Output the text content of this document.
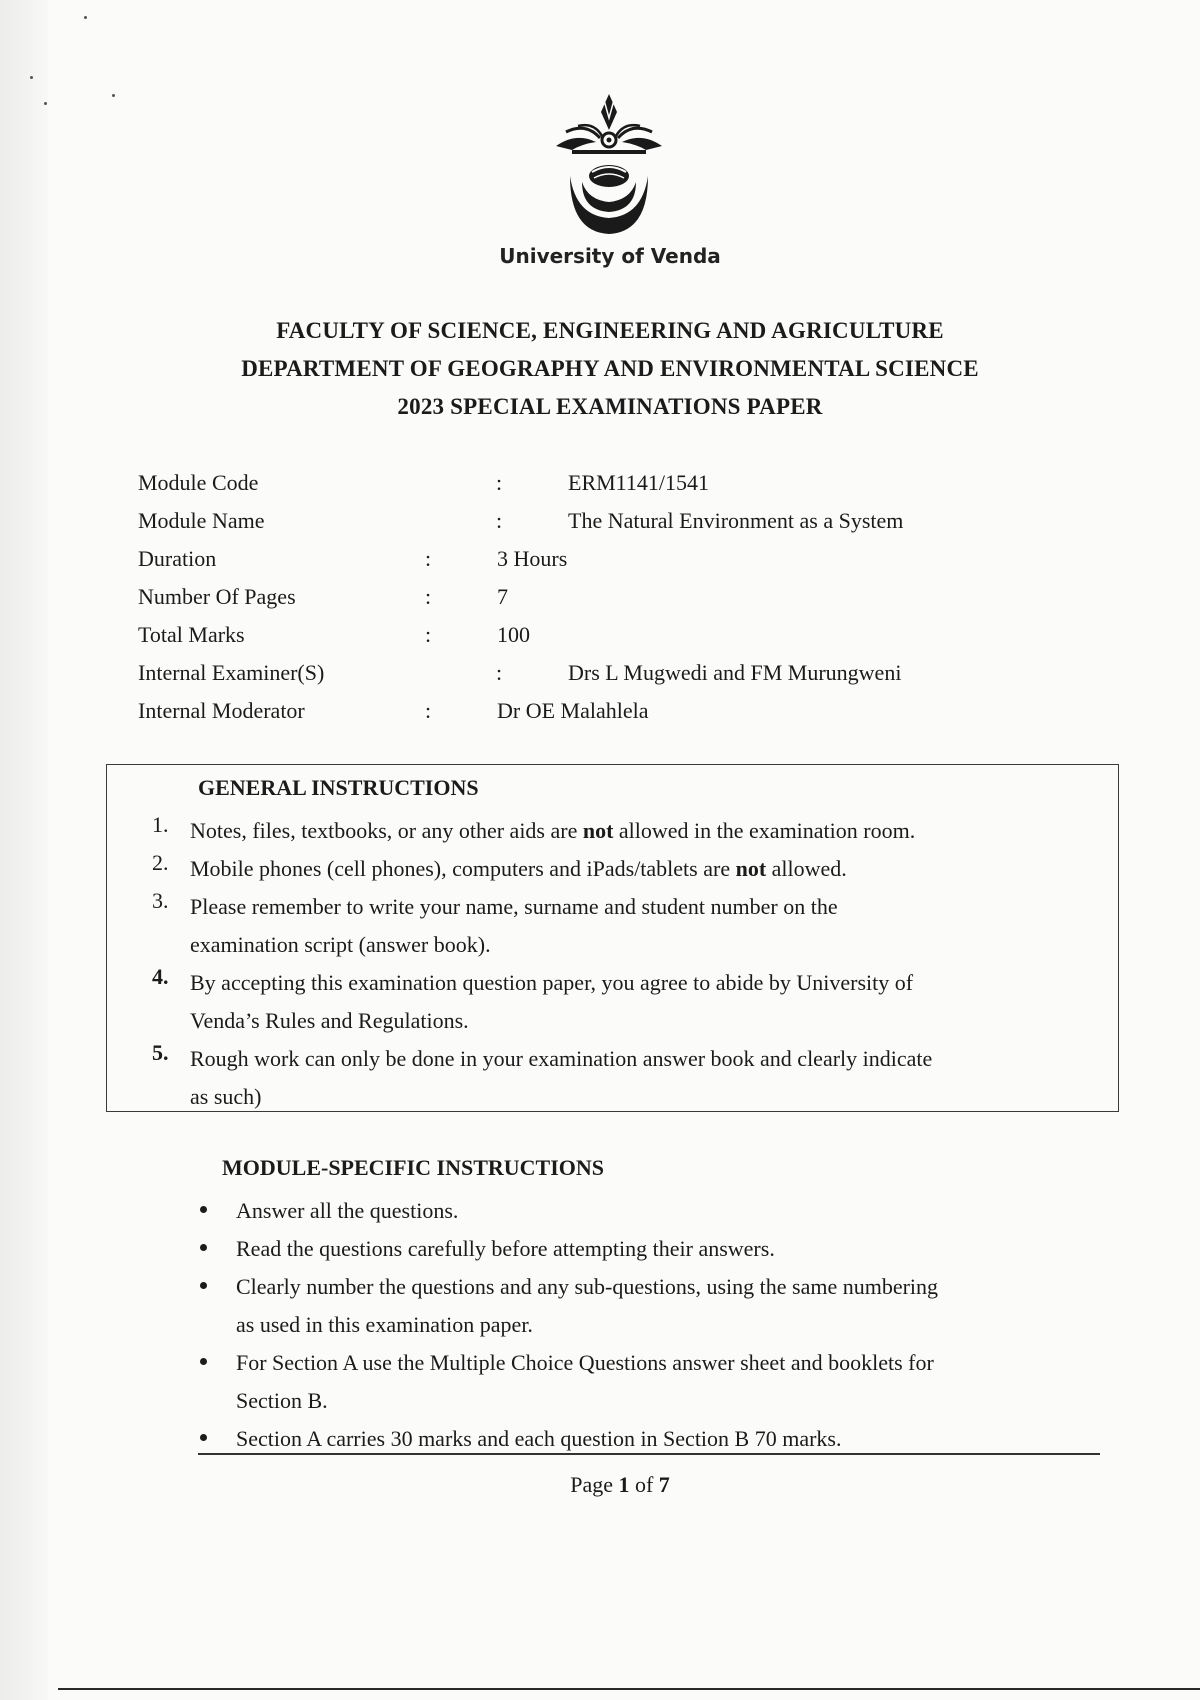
University of Venda
FACULTY OF SCIENCE, ENGINEERING AND AGRICULTURE
DEPARTMENT OF GEOGRAPHY AND ENVIRONMENTAL SCIENCE
2023 SPECIAL EXAMINATIONS PAPER
Module Code	:	ERM1141/1541
Module Name	:	The Natural Environment as a System
Duration	:	3 Hours
Number Of Pages	:	7
Total Marks	:	100
Internal Examiner(S)	:	Drs L Mugwedi and FM Murungweni
Internal Moderator	:	Dr OE Malahlela
GENERAL INSTRUCTIONS
1. Notes, files, textbooks, or any other aids are not allowed in the examination room.
2. Mobile phones (cell phones), computers and iPads/tablets are not allowed.
3. Please remember to write your name, surname and student number on the
examination script (answer book).
4. By accepting this examination question paper, you agree to abide by University of
Venda’s Rules and Regulations.
5. Rough work can only be done in your examination answer book and clearly indicate
as such)
MODULE-SPECIFIC INSTRUCTIONS
Answer all the questions.
Read the questions carefully before attempting their answers.
Clearly number the questions and any sub-questions, using the same numbering
as used in this examination paper.
For Section A use the Multiple Choice Questions answer sheet and booklets for
Section B.
Section A carries 30 marks and each question in Section B 70 marks.
Page 1 of 7
